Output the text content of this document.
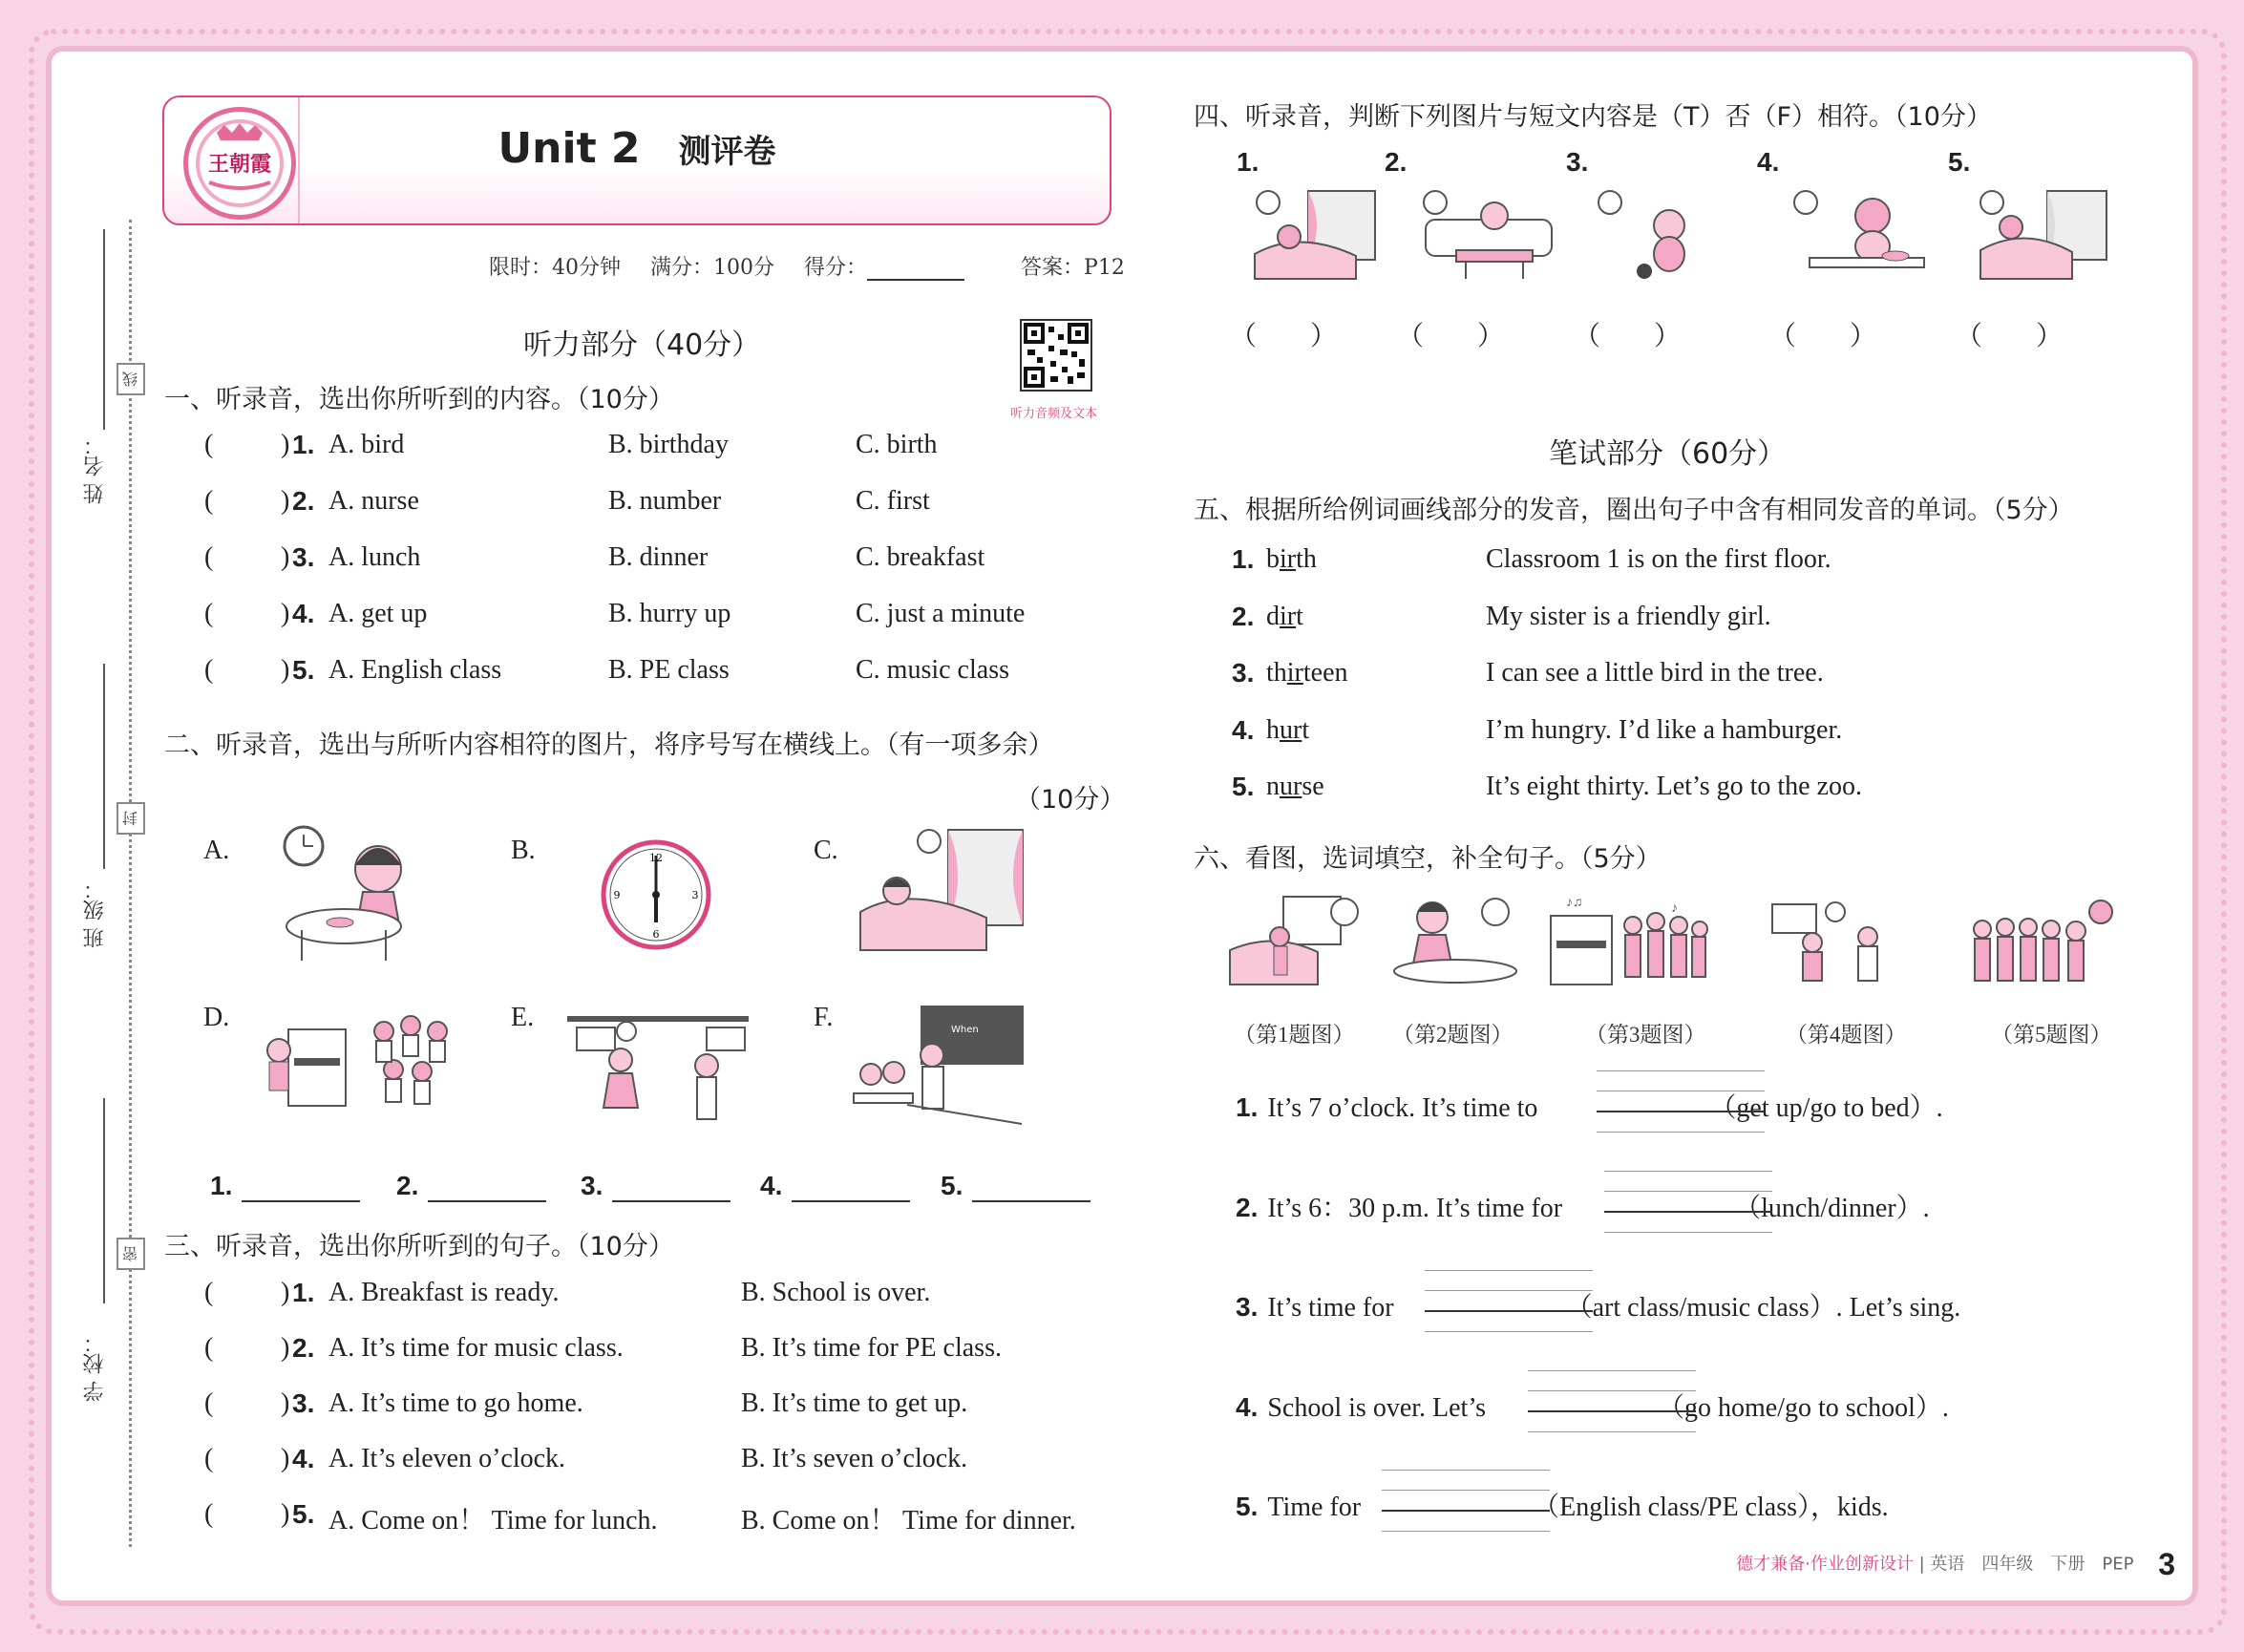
姓 名：
线
班 级：
封
学 校：
密
王朝霞	Unit 2 测评卷
限时：40分钟 满分：100分 得分：	答案：P12
听力音频及文本
听力部分（40分）
一、听录音，选出你所听到的内容。（10分）
(	) 1. A. bird	B. birthday	C. birth
(	) 2. A. nurse	B. number	C. first
(	) 3. A. lunch	B. dinner	C. breakfast
(	) 4. A. get up	B. hurry up	C. just a minute
(	) 5. A. English class	B. PE class	C. music class
二、听录音，选出与所听内容相符的图片，将序号写在横线上。（有一项多余）
（10分）
A.	B.	12
3
6
9
C.
D.	E.	F.	When
1.	2.	3.	4.	5.
三、听录音，选出你所听到的句子。（10分）
(	) 1. A. Breakfast is ready.	B. School is over.
(	) 2. A. It’s time for music class.	B. It’s time for PE class.
(	) 3. A. It’s time to go home.	B. It’s time to get up.
(	) 4. A. It’s eleven o’clock.	B. It’s seven o’clock.
(	) 5. A. Come on！ Time for lunch.	B. Come on！ Time for dinner.
四、听录音，判断下列图片与短文内容是（T）否（F）相符。（10分）
1.
（　　）
2.
（　　）
3.
（　　）
4.
（　　）
5.
（　　）
笔试部分（60分）
五、根据所给例词画线部分的发音，圈出句子中含有相同发音的单词。（5分）
1. birth	Classroom 1 is on the first floor.
2. dirt	My sister is a friendly girl.
3. thirteen	I can see a little bird in the tree.
4. hurt	I’m hungry. I’d like a hamburger.
5. nurse	It’s eight thirty. Let’s go to the zoo.
六、看图，选词填空，补全句子。（5分）
（第1题图） （第2题图）
♪♫	♪
（第3题图）	（第4题图）	（第5题图）
1. It’s 7 o’clock. It’s time to	（get up/go to bed）.
2. It’s 6：30 p.m. It’s time for	（lunch/dinner）.
3. It’s time for	（art class/music class）. Let’s sing.
4. School is over. Let’s	（go home/go to school）.
5. Time for	（English class/PE class），kids.
德才兼备·作业创新设计 | 英语　四年级　下册　PEP 3
